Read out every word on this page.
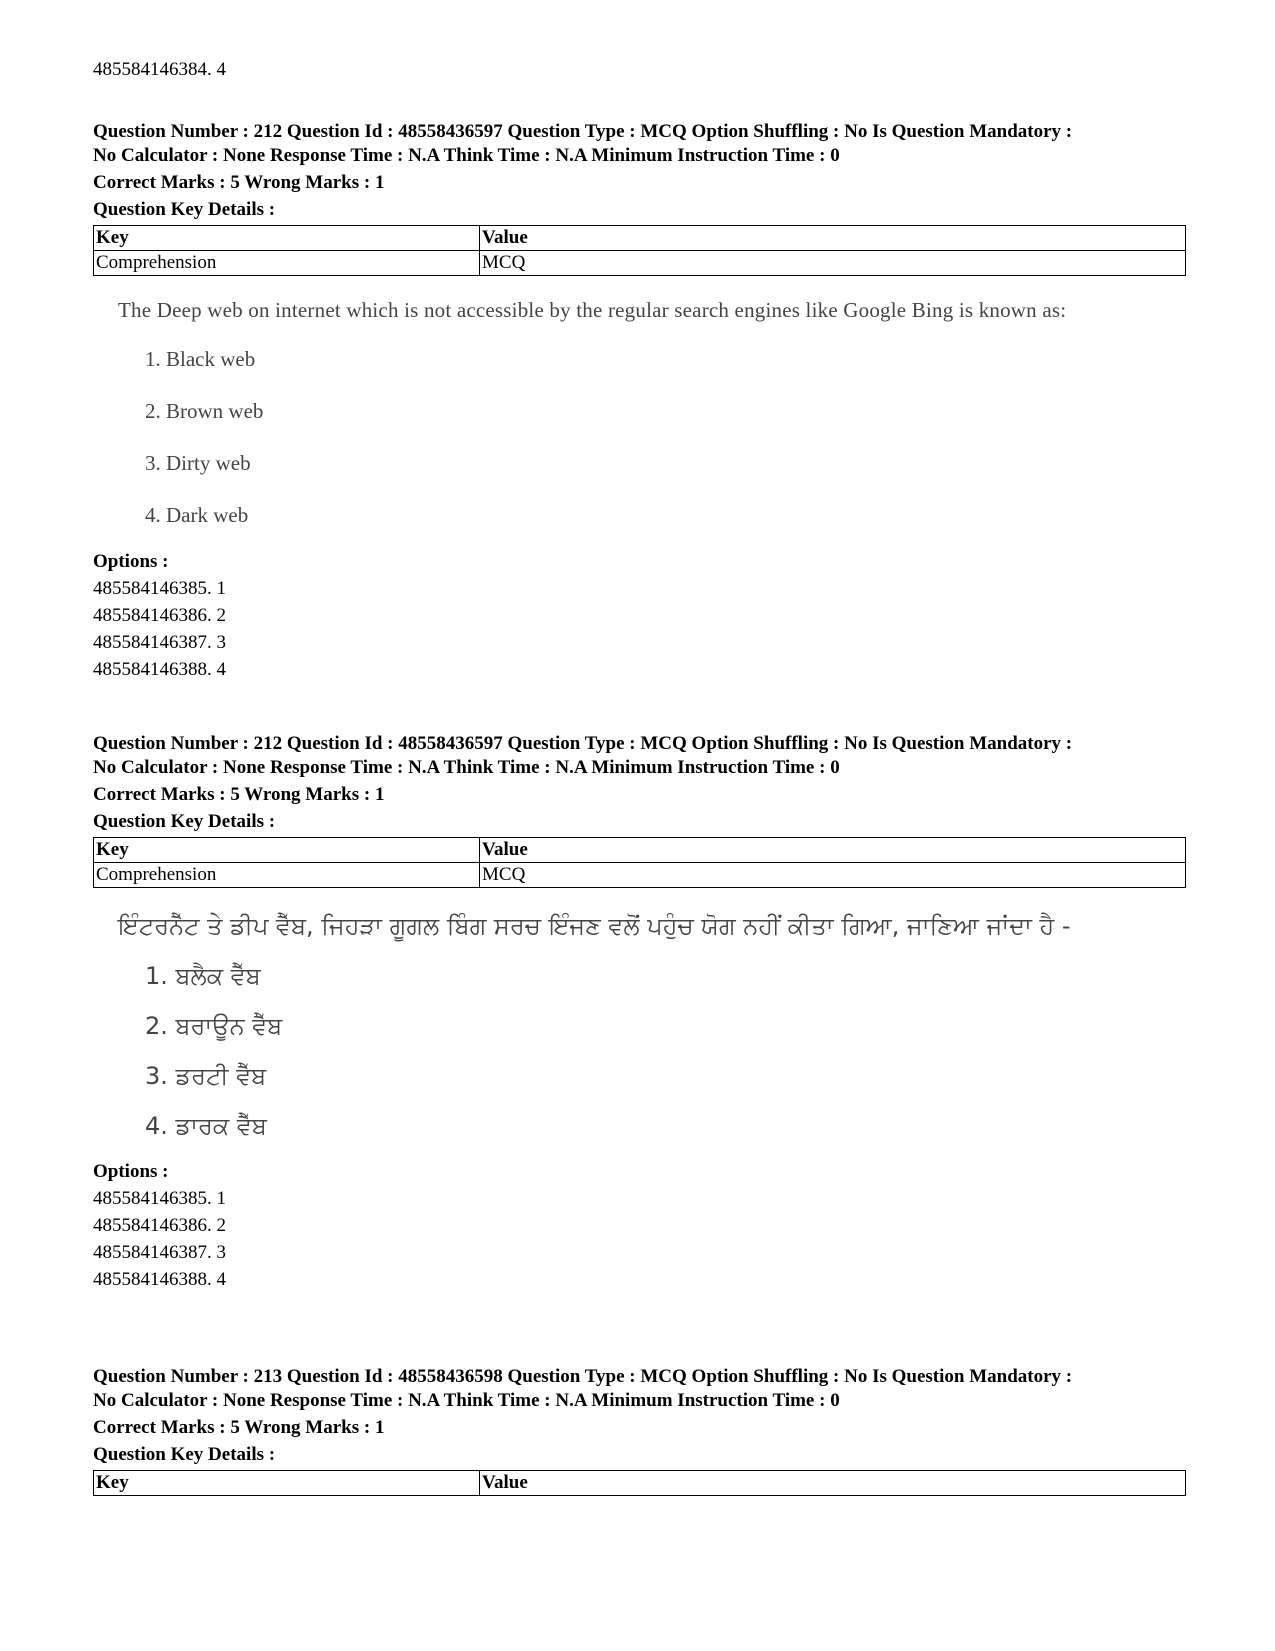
485584146384. 4
Question Number : 212 Question Id : 48558436597 Question Type : MCQ Option Shuffling : No Is Question Mandatory :
No Calculator : None Response Time : N.A Think Time : N.A Minimum Instruction Time : 0
Correct Marks : 5 Wrong Marks : 1
Question Key Details :
Key	Value
Comprehension	MCQ
The Deep web on internet which is not accessible by the regular search engines like Google Bing is known as:
1. Black web
2. Brown web
3. Dirty web
4. Dark web
Options :
485584146385. 1
485584146386. 2
485584146387. 3
485584146388. 4
Question Number : 212 Question Id : 48558436597 Question Type : MCQ Option Shuffling : No Is Question Mandatory :
No Calculator : None Response Time : N.A Think Time : N.A Minimum Instruction Time : 0
Correct Marks : 5 Wrong Marks : 1
Question Key Details :
Key	Value
Comprehension	MCQ
ਇੰਟਰਨੈੱਟ ਤੇ ਡੀਪ ਵੈੱਬ, ਜਿਹੜਾ ਗੂਗਲ ਬਿੰਗ ਸਰਚ ਇੰਜਣ ਵਲੋਂ ਪਹੁੰਚ ਯੋਗ ਨਹੀਂ ਕੀਤਾ ਗਿਆ, ਜਾਣਿਆ ਜਾਂਦਾ ਹੈ -
1. ਬਲੈਕ ਵੈੱਬ
2. ਬਰਾਊਨ ਵੈੱਬ
3. ਡਰਟੀ ਵੈੱਬ
4. ਡਾਰਕ ਵੈੱਬ
Options :
485584146385. 1
485584146386. 2
485584146387. 3
485584146388. 4
Question Number : 213 Question Id : 48558436598 Question Type : MCQ Option Shuffling : No Is Question Mandatory :
No Calculator : None Response Time : N.A Think Time : N.A Minimum Instruction Time : 0
Correct Marks : 5 Wrong Marks : 1
Question Key Details :
Key	Value
